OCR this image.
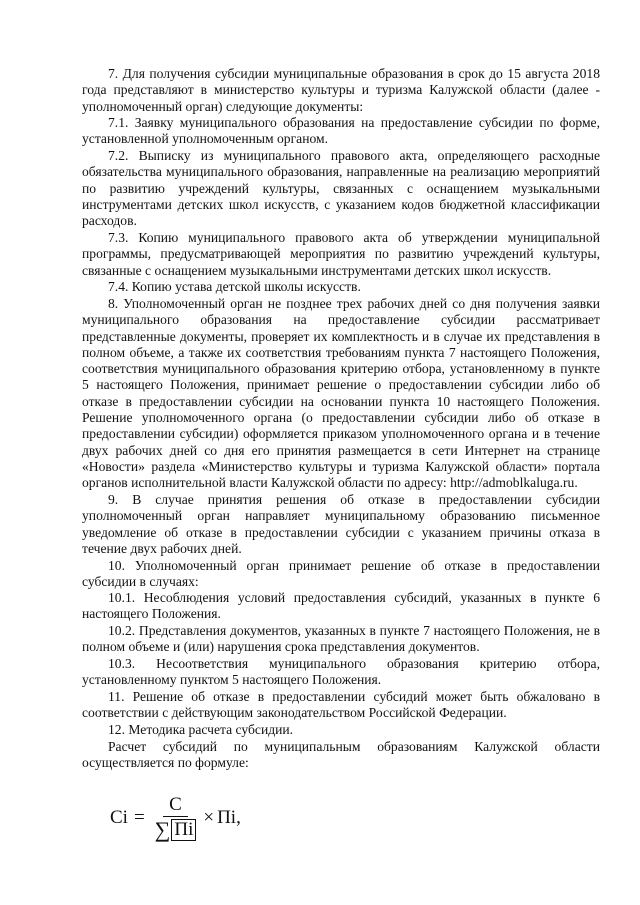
7. Для получения субсидии муниципальные образования в срок до 15 августа 2018 года представляют в министерство культуры и туризма Калужской области (далее - уполномоченный орган) следующие документы:

7.1. Заявку муниципального образования на предоставление субсидии по форме, установленной уполномоченным органом.

7.2. Выписку из муниципального правового акта, определяющего расходные обязательства муниципального образования, направленные на реализацию мероприятий по развитию учреждений культуры, связанных с оснащением музыкальными инструментами детских школ искусств, с указанием кодов бюджетной классификации расходов.

7.3. Копию муниципального правового акта об утверждении муниципальной программы, предусматривающей мероприятия по развитию учреждений культуры, связанные с оснащением музыкальными инструментами детских школ искусств.

7.4. Копию устава детской школы искусств.

8. Уполномоченный орган не позднее трех рабочих дней со дня получения заявки муниципального образования на предоставление субсидии рассматривает представленные документы, проверяет их комплектность и в случае их представления в полном объеме, а также их соответствия требованиям пункта 7 настоящего Положения, соответствия муниципального образования критерию отбора, установленному в пункте 5 настоящего Положения, принимает решение о предоставлении субсидии либо об отказе в предоставлении субсидии на основании пункта 10 настоящего Положения. Решение уполномоченного органа (о предоставлении субсидии либо об отказе в предоставлении субсидии) оформляется приказом уполномоченного органа и в течение двух рабочих дней со дня его принятия размещается в сети Интернет на странице «Новости» раздела «Министерство культуры и туризма Калужской области» портала органов исполнительной власти Калужской области по адресу: http://admoblkaluga.ru.

9. В случае принятия решения об отказе в предоставлении субсидии уполномоченный орган направляет муниципальному образованию письменное уведомление об отказе в предоставлении субсидии с указанием причины отказа в течение двух рабочих дней.

10. Уполномоченный орган принимает решение об отказе в предоставлении субсидии в случаях:

10.1. Несоблюдения условий предоставления субсидий, указанных в пункте 6 настоящего Положения.

10.2. Представления документов, указанных в пункте 7 настоящего Положения, не в полном объеме и (или) нарушения срока представления документов.

10.3. Несоответствия муниципального образования критерию отбора, установленному пунктом 5 настоящего Положения.

11. Решение об отказе в предоставлении субсидий может быть обжаловано в соответствии с действующим законодательством Российской Федерации.

12. Методика расчета субсидии.

Расчет субсидий по муниципальным образованиям Калужской области осуществляется по формуле:

$Ci = \frac{C}{\sum Пi}$ × Пi,
